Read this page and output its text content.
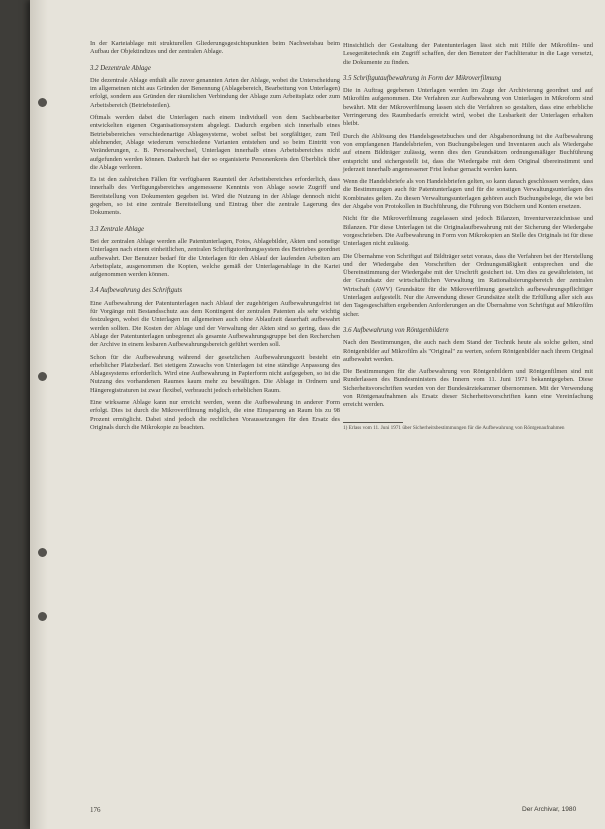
In der Karteiablage mit strukturellen Gliederungsgesichtspunkten beim Nachweisbau beim Aufbau der Objektindizes und der zentralen Ablage.

3.2 Dezentrale Ablage

Die dezentrale Ablage enthält alle zuvor genannten Arten der Ablage, wobei die Unterscheidung im allgemeinen nicht aus Gründen der Benennung (Ablagebereich, Bearbeitung von Unterlagen) erfolgt, sondern aus Gründen der räumlichen Verbindung der Ablage zum Arbeitsplatz oder zum Arbeitsbereich (Betriebsteilen).

Oftmals werden dabei die Unterlagen nach einem individuell von dem Sachbearbeiter entwickelten eigenen Organisationssystem abgelegt. Dadurch ergeben sich innerhalb eines Betriebsbereiches verschiedenartige Ablagesysteme, wobei selbst bei sorgfältiger, zum Teil ablehnender, Ablage wiederum verschiedene Varianten entstehen und so beim Eintritt von Veränderungen, z. B. Personalwechsel, Unterlagen innerhalb eines Arbeitsbereiches nicht aufgefunden werden können. Dadurch hat der so organisierte Personenkreis den Überblick über die Ablage verloren.

Es ist den zahlreichen Fällen für verfügbaren Raumteil der Arbeitsbereiches erforderlich, dass innerhalb des Verfügungsbereiches angemessene Kenntnis von Ablage sowie Zugriff und Bereitstellung von Dokumenten gegeben ist. Wird die Nutzung in der Ablage dennoch nicht gegeben, so ist eine zentrale Bereitstellung und Eintrag über die zentrale Lagerung des Dokuments.

3.3 Zentrale Ablage

Bei der zentralen Ablage werden alle Patentunterlagen, Fotos, Ablagebilder, Akten und sonstige Unterlagen nach einem einheitlichen, zentralen Schriftgutordnungssystem des Betriebes geordnet aufbewahrt. Der Benutzer bedarf für die Unterlagen für den Ablauf der laufenden Arbeiten am Arbeitsplatz, ausgenommen die Kopien, welche gemäß der Unterlagenablage in die Kartei aufgenommen werden können.

3.4 Aufbewahrung des Schriftguts

Eine Aufbewahrung der Patentunterlagen nach Ablauf der zugehörigen Aufbewahrungsfrist ist für Vorgänge mit Bestandsschutz aus dem Kontingent der zentralen Patenten als sehr wichtig festzulegen, wobei die Unterlagen im allgemeinen auch ohne Ablaufzeit dauerhaft aufbewahrt werden sollten. Die Kosten der Ablage und der Verwaltung der Akten sind so gering, dass die Ablage der Patentunterlagen unbegrenzt als gesamte Aufbewahrungsgruppe bei den Recherchen der Archive in einem lesbaren Aufbewahrungsbereich geführt werden soll.

Schon für die Aufbewahrung während der gesetzlichen Aufbewahrungszeit besteht ein erheblicher Platzbedarf. Bei stetigem Zuwachs von Unterlagen ist eine ständige Anpassung des Ablagesystems erforderlich. Wird eine Aufbewahrung in Papierform nicht aufgegeben, so ist die Nutzung des vorhandenen Raumes kaum mehr zu bewältigen. Die Ablage in Ordnern und Hängeregistraturen ist zwar flexibel, verbraucht jedoch erheblichen Raum.

Eine wirksame Ablage kann nur erreicht werden, wenn die Aufbewahrung in anderer Form erfolgt. Dies ist durch die Mikroverfilmung möglich, die eine Einsparung an Raum bis zu 98 Prozent ermöglicht. Dabei sind jedoch die rechtlichen Voraussetzungen für den Ersatz des Originals durch die Mikrokopie zu beachten.

Hinsichtlich der Gestaltung der Patentunterlagen lässt sich mit Hilfe der Mikrofilm- und Lesegerätetechnik ein Zugriff schaffen, der den Benutzer der Fachliteratur in die Lage versetzt, die Dokumente zu finden.

3.5 Schriftgutaufbewahrung in Form der Mikroverfilmung

Die in Auftrag gegebenen Unterlagen werden im Zuge der Archivierung geordnet und auf Mikrofilm aufgenommen. Die Verfahren zur Aufbewahrung von Unterlagen in Mikroform sind bewährt. Mit der Mikroverfilmung lassen sich die Verfahren so gestalten, dass eine erhebliche Verringerung des Raumbedarfs erreicht wird, wobei die Lesbarkeit der Unterlagen erhalten bleibt.

Durch die Ablösung des Handelsgesetzbuches und der Abgabenordnung ist die Aufbewahrung von empfangenen Handelsbriefen, von Buchungsbelegen und Inventaren auch als Wiedergabe auf einem Bildträger zulässig, wenn dies den Grundsätzen ordnungsmäßiger Buchführung entspricht und sichergestellt ist, dass die Wiedergabe mit dem Original übereinstimmt und jederzeit innerhalb angemessener Frist lesbar gemacht werden kann.

Wenn die Handelsbriefe als von Handelsbriefen gelten, so kann danach geschlossen werden, dass die Bestimmungen auch für Patentunterlagen und für die sonstigen Verwaltungsunterlagen des Kombinates gelten. Zu diesen Verwaltungsunterlagen gehören auch Buchungsbelege, die wie bei der Abgabe von Protokollen in Buchführung, die Führung von Büchern und Konten ersetzen.

Nicht für die Mikroverfilmung zugelassen sind jedoch Bilanzen, Inventurverzeichnisse und Bilanzen. Für diese Unterlagen ist die Originalaufbewahrung mit der Sicherung der Wiedergabe vorgeschrieben. Die Aufbewahrung in Form von Mikrokopien an Stelle des Originals ist für diese Unterlagen nicht zulässig.

Die Übernahme von Schriftgut auf Bildträger setzt voraus, dass die Verfahren bei der Herstellung und der Wiedergabe den Vorschriften der Ordnungsmäßigkeit entsprechen und die Übereinstimmung der Wiedergabe mit der Urschrift gesichert ist. Um dies zu gewährleisten, ist der Grundsatz der wirtschaftlichen Verwaltung im Rationalisierungsbereich der zentralen Wirtschaft (AWV) Grundsätze für die Mikroverfilmung gesetzlich aufbewahrungspflichtiger Unterlagen aufgestellt. Nur die Anwendung dieser Grundsätze stellt die Erfüllung aller sich aus den Tagesgeschäften ergebenden Anforderungen an die Übernahme von Schriftgut auf Mikrofilm sicher.

3.6 Aufbewahrung von Röntgenbildern

Nach den Bestimmungen, die auch nach dem Stand der Technik heute als solche gelten, sind Röntgenbilder auf Mikrofilm als "Original" zu werten, sofern Röntgenbilder nach ihrem Original aufbewahrt werden.

Die Bestimmungen für die Aufbewahrung von Röntgenbildern und Röntgenfilmen sind mit Runderlassen des Bundesministers des Innern vom 11. Juni 1971 bekanntgegeben. Diese Sicherheitsvorschriften wurden von der Bundesärztekammer übernommen. Mit der Verwendung von Röntgenaufnahmen als Ersatz dieser Sicherheitsvorschriften kann eine Vereinfachung erreicht werden.

1) Erlass vom 11. Juni 1971 über Sicherheitsbestimmungen für die Aufbewahrung von Röntgenaufnahmen
176	Der Archivar, 1980
